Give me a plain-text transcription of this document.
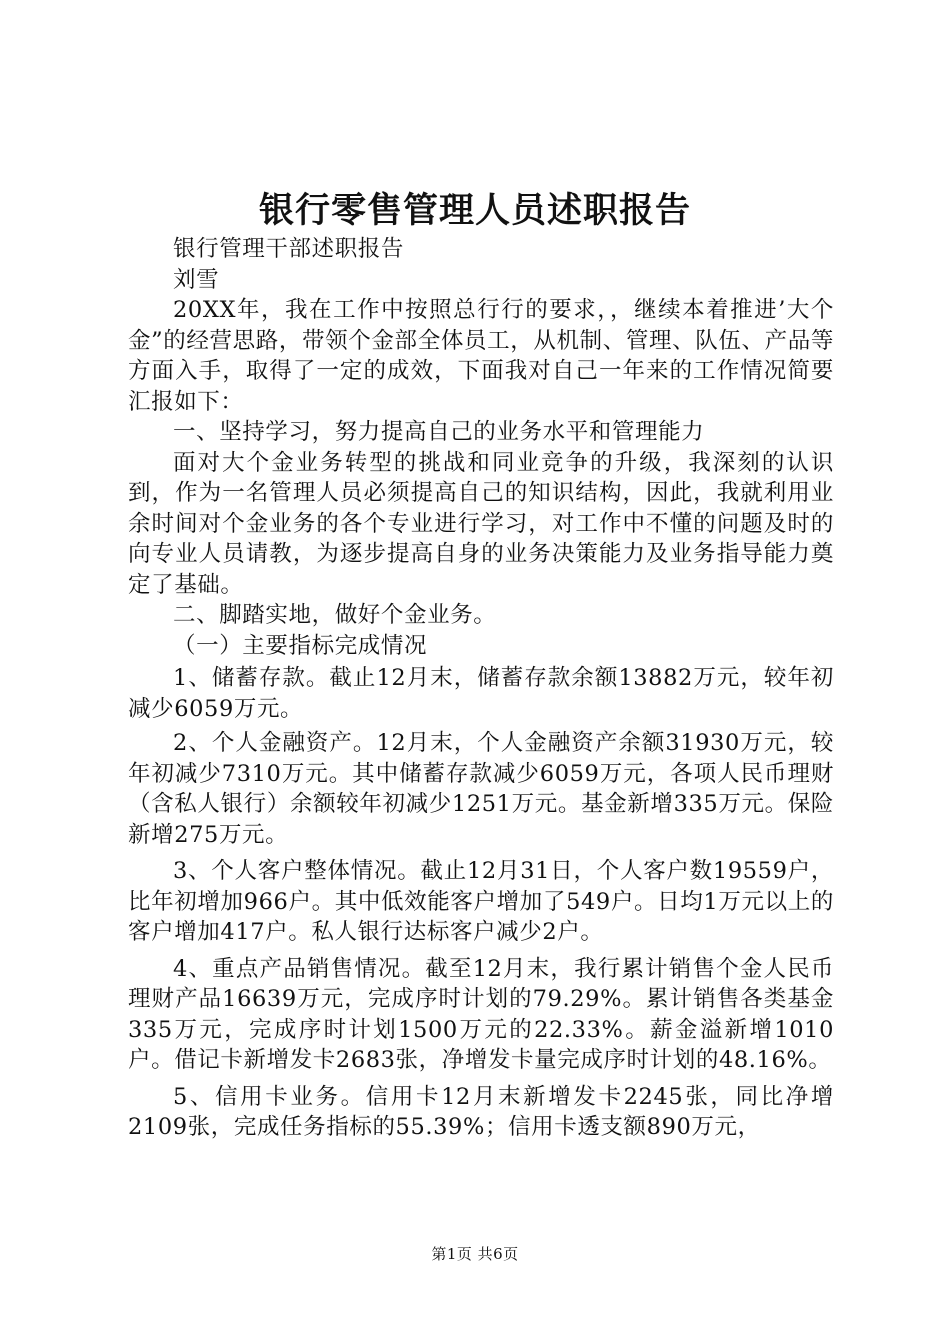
银行零售管理人员述职报告

银行管理干部述职报告

刘雪

20XX年，我在工作中按照总行行的要求，，继续本着推进’大个金”的经营思路，带领个金部全体员工，从机制、管理、队伍、产品等方面入手，取得了一定的成效，下面我对自己一年来的工作情况简要汇报如下：

一、坚持学习，努力提高自己的业务水平和管理能力

面对大个金业务转型的挑战和同业竞争的升级，我深刻的认识到，作为一名管理人员必须提高自己的知识结构，因此，我就利用业余时间对个金业务的各个专业进行学习，对工作中不懂的问题及时的向专业人员请教，为逐步提高自身的业务决策能力及业务指导能力奠定了基础。

二、脚踏实地，做好个金业务。

（一）主要指标完成情况

1、储蓄存款。截止12月末，储蓄存款余额13882万元，较年初减少6059万元。

2、个人金融资产。12月末，个人金融资产余额31930万元，较年初减少7310万元。其中储蓄存款减少6059万元，各项人民币理财（含私人银行）余额较年初减少1251万元。基金新增335万元。保险新增275万元。

3、个人客户整体情况。截止12月31日，个人客户数19559户，比年初增加966户。其中低效能客户增加了549户。日均1万元以上的客户增加417户。私人银行达标客户减少2户。

4、重点产品销售情况。截至12月末，我行累计销售个金人民币理财产品16639万元，完成序时计划的79.29%。累计销售各类基金335万元，完成序时计划1500万元的22.33%。薪金溢新增1010户。借记卡新增发卡2683张，净增发卡量完成序时计划的48.16%。

5、信用卡业务。信用卡12月末新增发卡2245张，同比净增2109张，完成任务指标的55.39%；信用卡透支额890万元，

第1页 共6页
